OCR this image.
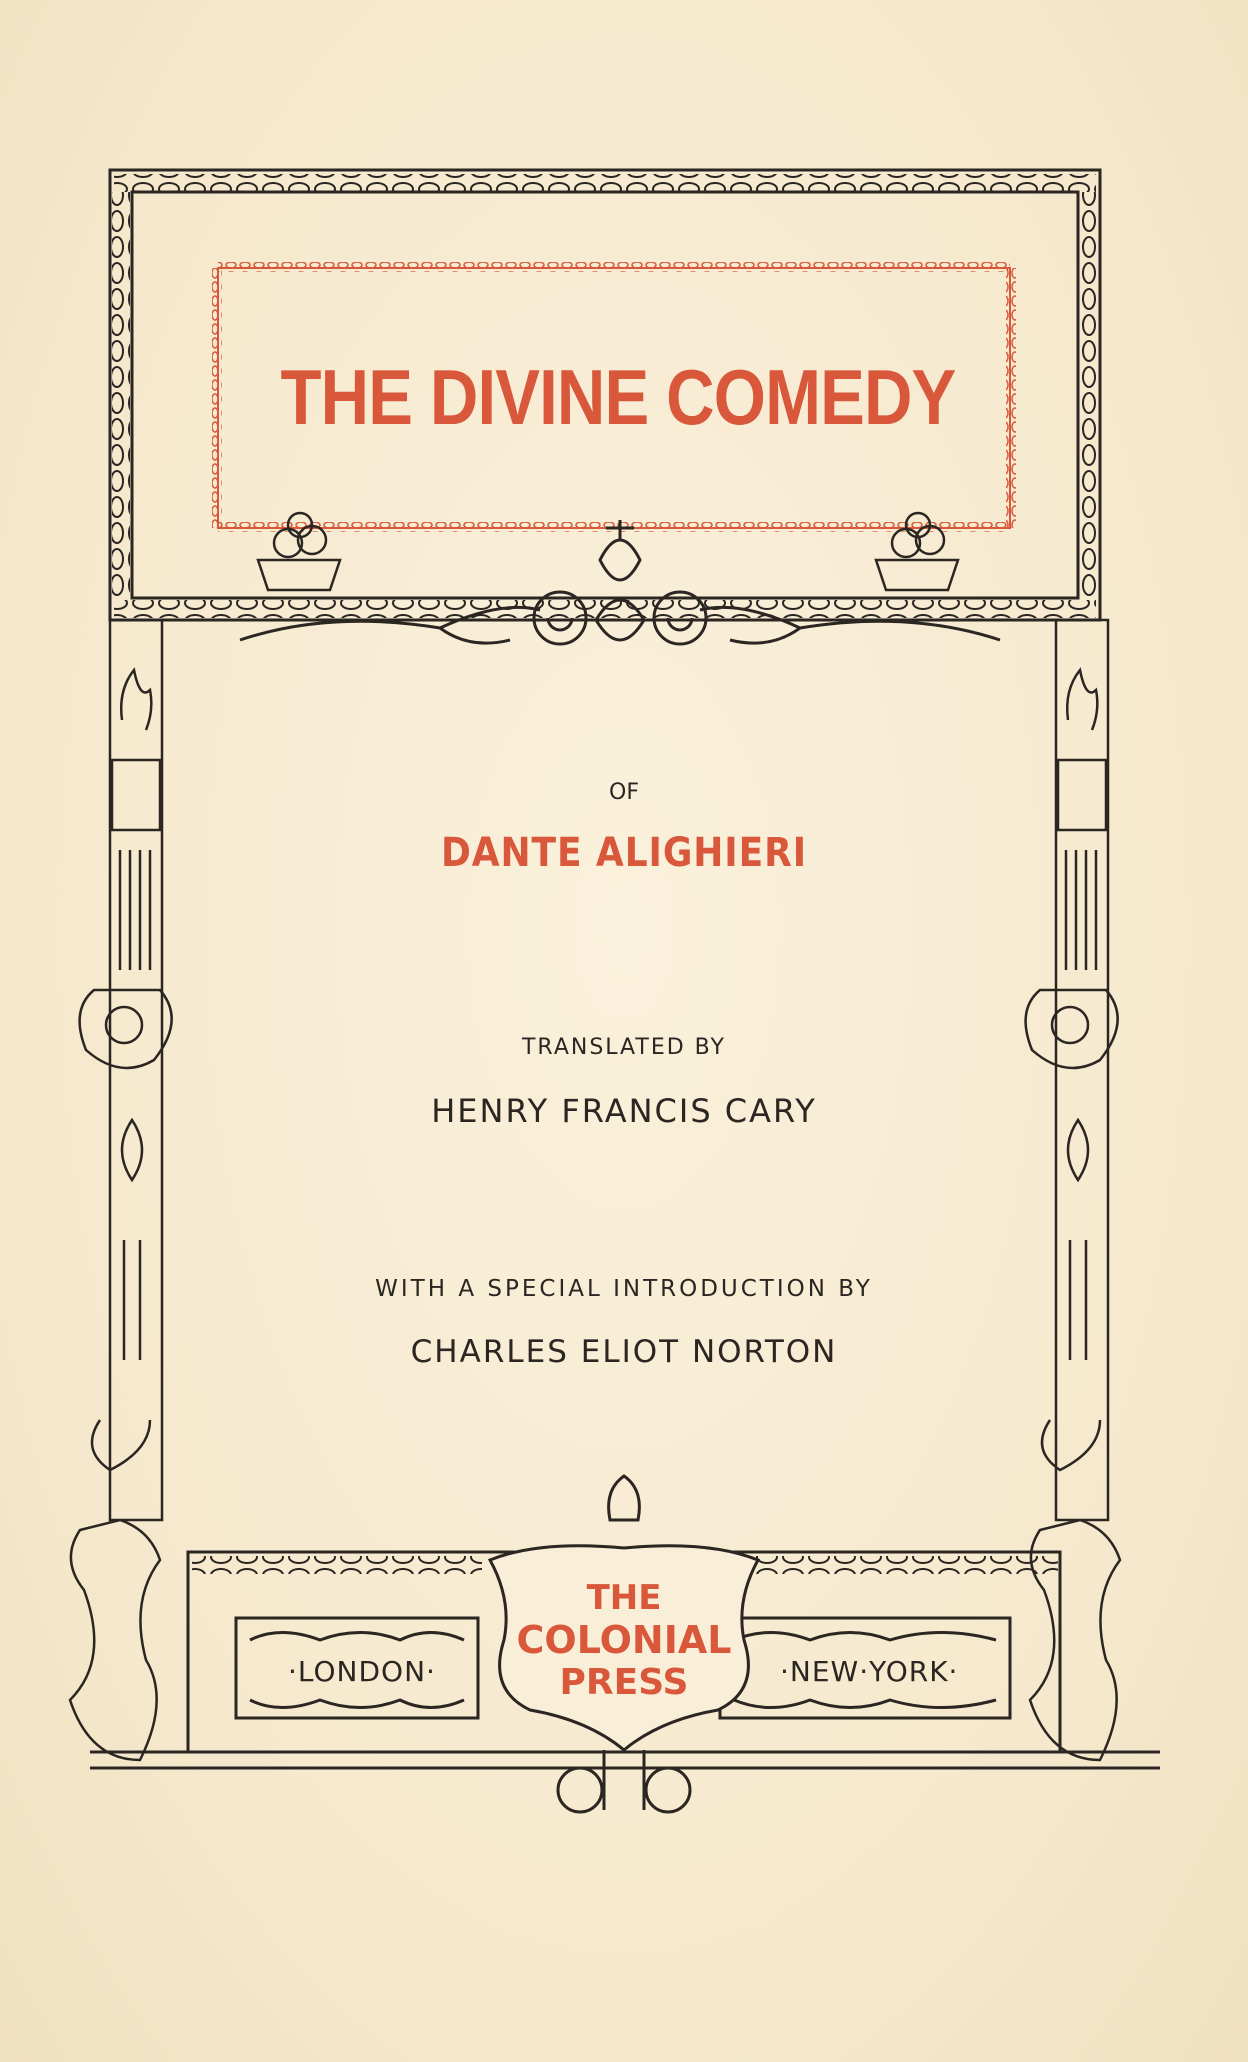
THE DIVINE COMEDY

OF

DANTE ALIGHIERI

TRANSLATED BY

HENRY FRANCIS CARY

WITH A SPECIAL INTRODUCTION BY

CHARLES ELIOT NORTON

THE
COLONIAL
PRESS
·LONDON·	·NEW·YORK·
